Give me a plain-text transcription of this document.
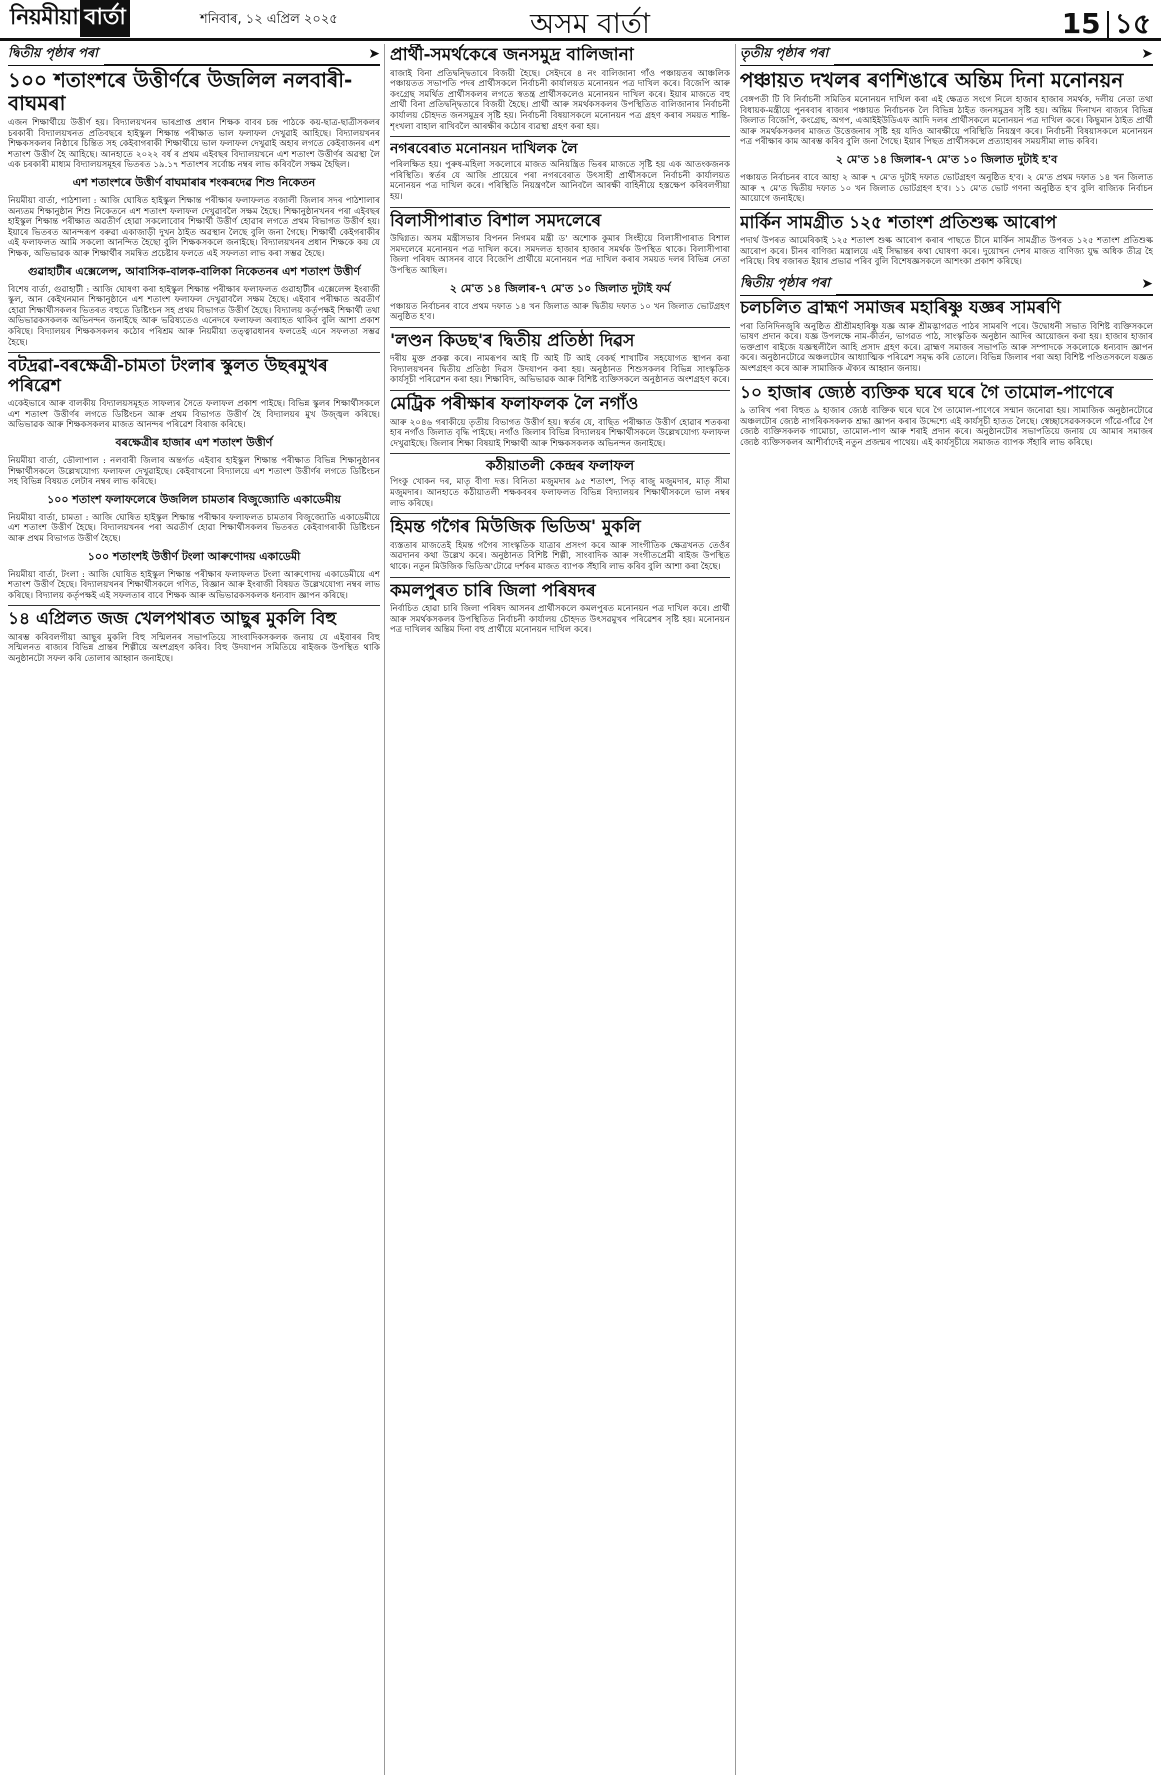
নিয়মীয়া বাৰ্তা	শনিবাৰ, ১২ এপ্ৰিল ২০২৫	অসম বাৰ্তা	15 ১৫
দ্বিতীয় পৃষ্ঠাৰ পৰা	➤
১০০ শতাংশৰে উত্তীৰ্ণৰে উজলিল নলবাৰী-বাঘমৰা

এজন শিক্ষার্থীয়ে উত্তীৰ্ণ হয়। বিদ্যালয়খনৰ ভাৰপ্ৰাপ্ত প্ৰধান শিক্ষক বাবৰ চন্দ্ৰ পাঠকে কয়-ছাত্ৰ-ছাত্ৰীসকলৰ চৰকাৰী বিদ্যালয়খনত প্ৰতিবছৰে হাইস্কুল শিক্ষান্ত পৰীক্ষাত ভাল ফলাফল দেখুৱাই আহিছে। বিদ্যালয়খনৰ শিক্ষকসকলৰ নিষ্ঠাৰে চিন্তিত সহ কেইবাগৰাকী শিক্ষাৰ্থীয়ে ভাল ফলাফল দেখুৱাই অহাৰ লগতে কেইবাজনৰ এশ শতাংশ উত্তীৰ্ণ হৈ আহিছে। আনহাতে ২০২২ বৰ্ষ ৰ প্ৰথম এইবছৰ বিদ্যালয়খনে এশ শতাংশ উত্তীৰ্ণৰ অৱস্থা লৈ এক চৰকাৰী মাধ্যম বিদ্যালয়সমূহৰ ভিতৰত ১৯.১৭ শতাংশৰ সৰ্বোচ্চ নম্বৰ লাভ কৰিবলৈ সক্ষম হৈছিল।

এশ শতাংশৰে উত্তীৰ্ণ বাঘমাৰাৰ শংকৰদেৱ শিশু নিকেতন

নিয়মীয়া বাৰ্তা, পাঠশালা : আজি ঘোষিত হাইস্কুল শিক্ষান্ত পৰীক্ষাৰ ফলাফলত বজালী জিলাৰ সদৰ পাঠশালাৰ অন্যতম শিক্ষানুষ্ঠান শিশু নিকেতনে এশ শতাংশ ফলাফল দেখুৱাবলৈ সক্ষম হৈছে। শিক্ষানুষ্ঠানখনৰ পৰা এইবছৰ হাইস্কুল শিক্ষান্ত পৰীক্ষাত অৱতীৰ্ণ হোৱা সকলোবোৰ শিক্ষাৰ্থী উত্তীৰ্ণ হোৱাৰ লগতে প্ৰথম বিভাগত উত্তীৰ্ণ হয়। ইয়াৰে ভিতৰত আনন্দৰূপ বৰুৱা একাজাড়ী দুখন ঠাইত অৱস্থান লৈছে বুলি জনা গৈছে। শিক্ষাৰ্থী কেইগৰাকীৰ এই ফলাফলত আমি সকলো আনন্দিত হৈছো বুলি শিক্ষকসকলে জনাইছে। বিদ্যালয়খনৰ প্ৰধান শিক্ষকে কয় যে শিক্ষক, অভিভাৱক আৰু শিক্ষাৰ্থীৰ সমন্বিত প্ৰচেষ্টাৰ ফলতে এই সফলতা লাভ কৰা সম্ভৱ হৈছে।

গুৱাহাটীৰ এক্সেলেন্স, আবাসিক-বালক-বালিকা নিকেতনৰ এশ শতাংশ উত্তীৰ্ণ

বিশেষ বাৰ্তা, গুৱাহাটী : আজি ঘোষণা কৰা হাইস্কুল শিক্ষান্ত পৰীক্ষাৰ ফলাফলত গুৱাহাটীৰ এক্সেলেন্স ইংৰাজী স্কুল, আন কেইখনমান শিক্ষানুষ্ঠানে এশ শতাংশ ফলাফল দেখুৱাবলৈ সক্ষম হৈছে। এইবাৰ পৰীক্ষাত অৱতীৰ্ণ হোৱা শিক্ষাৰ্থীসকলৰ ভিতৰত বহুতে ডিষ্টিংচন সহ প্ৰথম বিভাগত উত্তীৰ্ণ হৈছে। বিদ্যালয় কৰ্তৃপক্ষই শিক্ষাৰ্থী তথা অভিভাৱকসকলক অভিনন্দন জনাইছে আৰু ভৱিষ্যতেও এনেদৰে ফলাফল অব্যাহত থাকিব বুলি আশা প্ৰকাশ কৰিছে। বিদ্যালয়ৰ শিক্ষকসকলৰ কঠোৰ পৰিশ্ৰম আৰু নিয়মীয়া তত্ত্বাৱধানৰ ফলতেই এনে সফলতা সম্ভৱ হৈছে।

বটদ্ৰৱা-বৰক্ষেত্ৰী-চামতা টংলাৰ স্কুলত উছৰমুখৰ পৰিৱেশ

একেইভাৰে আৰু বালকীয় বিদ্যালয়সমূহত সাফল্যৰ সৈতে ফলাফল প্ৰকাশ পাইছে। বিভিন্ন স্কুলৰ শিক্ষাৰ্থীসকলে এশ শতাংশ উত্তীৰ্ণৰ লগতে ডিষ্টিংচন আৰু প্ৰথম বিভাগত উত্তীৰ্ণ হৈ বিদ্যালয়ৰ মুখ উজ্জ্বল কৰিছে। অভিভাৱক আৰু শিক্ষকসকলৰ মাজত আনন্দৰ পৰিৱেশ বিৰাজ কৰিছে।

বৰক্ষেত্ৰীৰ হাজাৰ এশ শতাংশ উত্তীৰ্ণ

নিয়মীয়া বাৰ্তা, ডৌলাপাল : নলবাৰী জিলাৰ অন্তৰ্গত এইবাৰ হাইস্কুল শিক্ষান্ত পৰীক্ষাত বিভিন্ন শিক্ষানুষ্ঠানৰ শিক্ষাৰ্থীসকলে উল্লেখযোগ্য ফলাফল দেখুৱাইছে। কেইবাখনো বিদ্যালয়ে এশ শতাংশ উত্তীৰ্ণৰ লগতে ডিষ্টিংচন সহ বিভিন্ন বিষয়ত লেটাৰ নম্বৰ লাভ কৰিছে।

১০০ শতাংশ ফলাফলেৰে উজলিল চামতাৰ বিজুজ্যোতি একাডেমীয়

নিয়মীয়া বাৰ্তা, চামতা : আজি ঘোষিত হাইস্কুল শিক্ষান্ত পৰীক্ষাৰ ফলাফলত চামতাৰ বিজুজ্যোতি একাডেমীয়ে এশ শতাংশ উত্তীৰ্ণ হৈছে। বিদ্যালয়খনৰ পৰা অৱতীৰ্ণ হোৱা শিক্ষাৰ্থীসকলৰ ভিতৰত কেইবাগৰাকী ডিষ্টিংচন আৰু প্ৰথম বিভাগত উত্তীৰ্ণ হৈছে।

১০০ শতাংশই উত্তীৰ্ণ টংলা আৰুণোদয় একাডেমী

নিয়মীয়া বাৰ্তা, টংলা : আজি ঘোষিত হাইস্কুল শিক্ষান্ত পৰীক্ষাৰ ফলাফলত টংলা আৰুণোদয় একাডেমীয়ে এশ শতাংশ উত্তীৰ্ণ হৈছে। বিদ্যালয়খনৰ শিক্ষাৰ্থীসকলে গণিত, বিজ্ঞান আৰু ইংৰাজী বিষয়ত উল্লেখযোগ্য নম্বৰ লাভ কৰিছে। বিদ্যালয় কৰ্তৃপক্ষই এই সফলতাৰ বাবে শিক্ষক আৰু অভিভাৱকসকলক ধন্যবাদ জ্ঞাপন কৰিছে।

১৪ এপ্ৰিলত জজ খেলপথাৰত আছুৰ মুকলি বিহু

আৰম্ভ কৰিবলগীয়া আছুৰ মুকলি বিহু সন্মিলনৰ সভাপতিয়ে সাংবাদিকসকলক জনায় যে এইবাৰৰ বিহু সন্মিলনত ৰাজ্যৰ বিভিন্ন প্ৰান্তৰ শিল্পীয়ে অংশগ্ৰহণ কৰিব। বিহু উদযাপন সমিতিয়ে ৰাইজক উপস্থিত থাকি অনুষ্ঠানটো সফল কৰি তোলাৰ আহ্বান জনাইছে।

প্ৰাৰ্থী-সমৰ্থকেৰে জনসমুদ্ৰ বালিজানা

ৰাজাই বিনা প্ৰতিদ্বন্দ্বিতাৰে বিজয়ী হৈছে। সেইদৰে ৪ নং বালিজানা গাঁও পঞ্চায়তৰ আঞ্চলিক পঞ্চায়তত সভাপতি পদৰ প্ৰাৰ্থীসকলে নিৰ্বাচনী কাৰ্যালয়ত মনোনয়ন পত্ৰ দাখিল কৰে। বিজেপি আৰু কংগ্ৰেছ সমৰ্থিত প্ৰাৰ্থীসকলৰ লগতে স্বতন্ত্ৰ প্ৰাৰ্থীসকলেও মনোনয়ন দাখিল কৰে। ইয়াৰ মাজতে বহু প্ৰাৰ্থী বিনা প্ৰতিদ্বন্দ্বিতাৰে বিজয়ী হৈছে। প্ৰাৰ্থী আৰু সমৰ্থকসকলৰ উপস্থিতিত বালিজানাৰ নিৰ্বাচনী কাৰ্যালয় চৌহদত জনসমুদ্ৰৰ সৃষ্টি হয়। নিৰ্বাচনী বিষয়াসকলে মনোনয়ন পত্ৰ গ্ৰহণ কৰাৰ সময়ত শান্তি-শৃংখলা বাহাল ৰাখিবলৈ আৰক্ষীৰ কঠোৰ ব্যৱস্থা গ্ৰহণ কৰা হয়।

নগৰবেৰাত মনোনয়ন দাখিলক লৈ

পৰিলক্ষিত হয়। পুৰুষ-মহিলা সকলোৰে মাজত অনিয়ন্ত্ৰিত ভিৰৰ মাজতে সৃষ্টি হয় এক আতংকজনক পৰিস্থিতি। স্বৰ্তৰ যে আজি প্ৰায়েৰে পৰা নগৰবেৰাত উৎসাহী প্ৰাৰ্থীসকলে নিৰ্বাচনী কাৰ্যালয়ত মনোনয়ন পত্ৰ দাখিল কৰে। পৰিস্থিতি নিয়ন্ত্ৰণলৈ আনিবলৈ আৰক্ষী বাহিনীয়ে হস্তক্ষেপ কৰিবলগীয়া হয়।

বিলাসীপাৰাত বিশাল সমদলেৰে

উদ্বিগ্নত। অসম মন্ত্ৰীসভাৰ বিপনন নিগমৰ মন্ত্ৰী ড' অশোক কুমাৰ সিংহীয়ে বিলাসীপাৰাত বিশাল সমদলেৰে মনোনয়ন পত্ৰ দাখিল কৰে। সমদলত হাজাৰ হাজাৰ সমৰ্থক উপস্থিত থাকে। বিলাসীপাৰা জিলা পৰিষদ আসনৰ বাবে বিজেপি প্ৰাৰ্থীয়ে মনোনয়ন পত্ৰ দাখিল কৰাৰ সময়ত দলৰ বিভিন্ন নেতা উপস্থিত আছিল।

২ মে'ত ১৪ জিলাৰ-৭ মে'ত ১০ জিলাত দুটাই ফৰ্ম

পঞ্চায়ত নিৰ্বাচনৰ বাবে প্ৰথম দফাত ১৪ খন জিলাত আৰু দ্বিতীয় দফাত ১০ খন জিলাত ভোটগ্ৰহণ অনুষ্ঠিত হ'ব।

'লণ্ডন কিডছ'ৰ দ্বিতীয় প্ৰতিষ্ঠা দিৱস

দৰীয় মুক্ত প্ৰকল্প কৰে। নামৰূপৰ আই টি আই টি আই বেকৰ্ছ শাখাটিৰ সহযোগত স্থাপন কৰা বিদ্যালয়খনৰ দ্বিতীয় প্ৰতিষ্ঠা দিৱস উদযাপন কৰা হয়। অনুষ্ঠানত শিশুসকলৰ বিভিন্ন সাংস্কৃতিক কাৰ্যসূচী পৰিৱেশন কৰা হয়। শিক্ষাবিদ, অভিভাৱক আৰু বিশিষ্ট ব্যক্তিসকলে অনুষ্ঠানত অংশগ্ৰহণ কৰে।

মেট্ৰিক পৰীক্ষাৰ ফলাফলক লৈ নগাঁও

আৰু ২০৪৬ গৰাকীয়ে তৃতীয় বিভাগত উত্তীৰ্ণ হয়। স্বৰ্তৰ যে, বাছিত পৰীক্ষাত উত্তীৰ্ণ হোৱাৰ শতকৰা হাৰ নগাঁও জিলাত বৃদ্ধি পাইছে। নগাঁও জিলাৰ বিভিন্ন বিদ্যালয়ৰ শিক্ষাৰ্থীসকলে উল্লেখযোগ্য ফলাফল দেখুৱাইছে। জিলাৰ শিক্ষা বিষয়াই শিক্ষাৰ্থী আৰু শিক্ষকসকলক অভিনন্দন জনাইছে।

কঠীয়াতলী কেন্দ্ৰৰ ফলাফল

পিংকু খোকন দৰ, মাতৃ বীণা দত্ত। বিনিতা মজুমদাৰ ৯৫ শতাংশ, পিতৃ ৰাজু মজুমদাৰ, মাতৃ সীমা মজুমদাৰ। আনহাতে কঠীয়াতলী শক্ষকবৰৰ ফলাফলত বিভিন্ন বিদ্যালয়ৰ শিক্ষাৰ্থীসকলে ভাল নম্বৰ লাভ কৰিছে।

হিমন্ত গগৈৰ মিউজিক ভিডিঅ' মুকলি

ব্যস্ততাৰ মাজতেই হিমন্ত গগৈৰ সাংস্কৃতিক যাত্ৰাৰ প্ৰসংগ কৰে আৰু সাংগীতিক ক্ষেত্ৰখনত তেওঁৰ অৱদানৰ কথা উল্লেখ কৰে। অনুষ্ঠানত বিশিষ্ট শিল্পী, সাংবাদিক আৰু সংগীতপ্ৰেমী ৰাইজ উপস্থিত থাকে। নতুন মিউজিক ভিডিঅ'টোৱে দৰ্শকৰ মাজত ব্যাপক সঁহাৰি লাভ কৰিব বুলি আশা কৰা হৈছে।

কমলপুৰত চাৰি জিলা পৰিষদৰ

নিৰ্বাচিত হোৱা চাৰি জিলা পৰিষদ আসনৰ প্ৰাৰ্থীসকলে কমলপুৰত মনোনয়ন পত্ৰ দাখিল কৰে। প্ৰাৰ্থী আৰু সমৰ্থকসকলৰ উপস্থিতিত নিৰ্বাচনী কাৰ্যালয় চৌহদত উৎসৱমুখৰ পৰিৱেশৰ সৃষ্টি হয়। মনোনয়ন পত্ৰ দাখিলৰ অন্তিম দিনা বহু প্ৰাৰ্থীয়ে মনোনয়ন দাখিল কৰে।

তৃতীয় পৃষ্ঠাৰ পৰা	➤
পঞ্চায়ত দখলৰ ৰণশিঙাৰে অন্তিম দিনা মনোনয়ন

বেঙ্গপতী টি বি নিৰ্বাচনী সমিতিৰ মনোনয়ন দাখিল কৰা এই ক্ষেত্ৰত সংগে নিলে হাজাৰ হাজাৰ সমৰ্থক, দলীয় নেতা তথা বিধায়ক-মন্ত্ৰীয়ে পুনৰবাৰ ৰাজ্যৰ পঞ্চায়ত নিৰ্বাচনক লৈ বিভিন্ন ঠাইত জনসমুদ্ৰৰ সৃষ্টি হয়। অন্তিম দিনাখন ৰাজ্যৰ বিভিন্ন জিলাত বিজেপি, কংগ্ৰেছ, অগপ, এআইইউডিএফ আদি দলৰ প্ৰাৰ্থীসকলে মনোনয়ন পত্ৰ দাখিল কৰে। কিছুমান ঠাইত প্ৰাৰ্থী আৰু সমৰ্থকসকলৰ মাজত উত্তেজনাৰ সৃষ্টি হয় যদিও আৰক্ষীয়ে পৰিস্থিতি নিয়ন্ত্ৰণ কৰে। নিৰ্বাচনী বিষয়াসকলে মনোনয়ন পত্ৰ পৰীক্ষাৰ কাম আৰম্ভ কৰিব বুলি জনা গৈছে। ইয়াৰ পিছত প্ৰাৰ্থীসকলে প্ৰত্যাহাৰৰ সময়সীমা লাভ কৰিব।

২ মে'ত ১৪ জিলাৰ-৭ মে'ত ১০ জিলাত দুটাই হ'ব

পঞ্চায়ত নিৰ্বাচনৰ বাবে আহা ২ আৰু ৭ মে'ত দুটাই দফাত ভোটগ্ৰহণ অনুষ্ঠিত হ'ব। ২ মে'ত প্ৰথম দফাত ১৪ খন জিলাত আৰু ৭ মে'ত দ্বিতীয় দফাত ১০ খন জিলাত ভোটগ্ৰহণ হ'ব। ১১ মে'ত ভোট গণনা অনুষ্ঠিত হ'ব বুলি ৰাজ্যিক নিৰ্বাচন আয়োগে জনাইছে।

মাৰ্কিন সামগ্ৰীত ১২৫ শতাংশ প্ৰতিশুল্ক আৰোপ

পদাৰ্থ উপৰত আমেৰিকাই ১২৫ শতাংশ শুল্ক আৰোপ কৰাৰ পাছতে চীনে মাৰ্কিন সামগ্ৰীত উপৰত ১২৫ শতাংশ প্ৰতিশুল্ক আৰোপ কৰে। চীনৰ বাণিজ্য মন্ত্ৰালয়ে এই সিদ্ধান্তৰ কথা ঘোষণা কৰে। দুয়োখন দেশৰ মাজত বাণিজ্য যুদ্ধ অধিক তীব্ৰ হৈ পৰিছে। বিশ্ব বজাৰত ইয়াৰ প্ৰভাৱ পৰিব বুলি বিশেষজ্ঞসকলে আশংকা প্ৰকাশ কৰিছে।

দ্বিতীয় পৃষ্ঠাৰ পৰা	➤
চলচলিত ব্ৰাহ্মণ সমাজৰ মহাৰিষ্ণু যজ্ঞৰ সামৰণি

পৰা তিনিদিনজুৰি অনুষ্ঠিত শ্ৰীশ্ৰীমহাৰিষ্ণু যজ্ঞ আৰু শ্ৰীমদ্ভাগৱত পাঠৰ সামৰণি পৰে। উদ্বোধনী সভাত বিশিষ্ট ব্যক্তিসকলে ভাষণ প্ৰদান কৰে। যজ্ঞ উপলক্ষে নাম-কীৰ্তন, ভাগৱত পাঠ, সাংস্কৃতিক অনুষ্ঠান আদিৰ আয়োজন কৰা হয়। হাজাৰ হাজাৰ ভক্তপ্ৰাণ ৰাইজে যজ্ঞস্থলীলৈ আহি প্ৰসাদ গ্ৰহণ কৰে। ব্ৰাহ্মণ সমাজৰ সভাপতি আৰু সম্পাদকে সকলোকে ধন্যবাদ জ্ঞাপন কৰে। অনুষ্ঠানটোৱে অঞ্চলটোৰ আধ্যাত্মিক পৰিৱেশ সমৃদ্ধ কৰি তোলে। বিভিন্ন জিলাৰ পৰা অহা বিশিষ্ট পণ্ডিতসকলে যজ্ঞত অংশগ্ৰহণ কৰে আৰু সামাজিক ঐক্যৰ আহ্বান জনায়।

১০ হাজাৰ জ্যেষ্ঠ ব্যক্তিক ঘৰে ঘৰে গৈ তামোল-পাণেৰে

৯ তাৰিখ পৰা বিহুত ৯ হাজাৰ জ্যেষ্ঠ ব্যক্তিক ঘৰে ঘৰে গৈ তামোল-পাণেৰে সন্মান জনোৱা হয়। সামাজিক অনুষ্ঠানটোৱে অঞ্চলটোৰ জ্যেষ্ঠ নাগৰিকসকলক শ্ৰদ্ধা জ্ঞাপন কৰাৰ উদ্দেশ্যে এই কাৰ্যসূচী হাতত লৈছে। স্বেচ্ছাসেৱকসকলে গাঁৱে-গাঁৱে গৈ জ্যেষ্ঠ ব্যক্তিসকলক গামোচা, তামোল-পাণ আৰু শৰাই প্ৰদান কৰে। অনুষ্ঠানটোৰ সভাপতিয়ে জনায় যে আমাৰ সমাজৰ জ্যেষ্ঠ ব্যক্তিসকলৰ আশীৰ্বাদেই নতুন প্ৰজন্মৰ পাথেয়। এই কাৰ্যসূচীয়ে সমাজত ব্যাপক সঁহাৰি লাভ কৰিছে।
